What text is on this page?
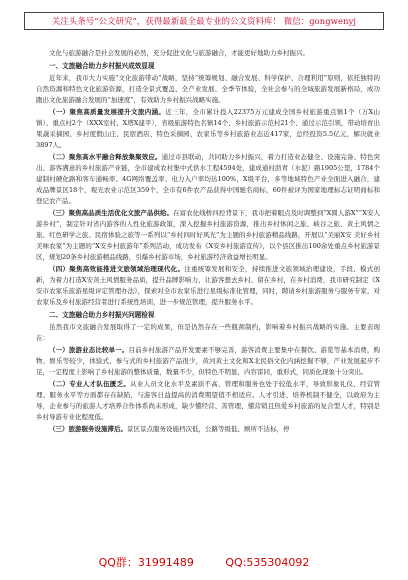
关注头条号“公文研究”，获得最新最全最专业的公文资料库！ 微信：gongwenyj
文化与旅游融合是社会发展的必然，充分促进文化与旅游融合，才能更好地助力乡村振兴。
一、文旅融合助力乡村振兴成效显现
近年来，我市大力实施“文化旅游带动”战略，坚持“统筹规划、融合发展、科学保护、合理利用”原则，依托独特的自然资源和特色文化旅游资源，打造全景式覆盖、全产业发展、全季节体验，全社会参与的全域旅游发展新格局，成功跑出文化旅游融合发展的“加速度”，有效助力乡村振兴战略实施。
（一）聚焦高质量发展提升文旅内涵。近三年，全市累计投入22375万元建成全国乡村旅游重点镇1个（万X山镇）、重点村2个（XXX室村、X塔X建平），省级旅游特色名镇14个、乡村旅游示范村21个、通过示范引领，带动培育出果蔬采摘园、乡村度假山庄、民宿酒店、特色采摘园、农家乐等乡村旅游业态近417家，总经投资5.5亿元，解决就业3897人。
（二）聚焦高水平融合释放集聚效应。通过市县联动，共同助力乡村振兴，着力打造业态健全、设施完备、特色突出、游客满意的乡村旅游产业链，全市建成农村集中式供水工程4594处，建成通村沥青（水泥）路1905公里，1784个建制村硬化路和客车通畅率、4G网络覆盖率、电力入户率均达100%，X级平台，多等地域特色产业全面进入融合，建成品牌景区18个，观光农业示范区359个，全市有6件农产品获得中国驰名商标，60件被评为国家地理标志证明商标和登记农产品。
（三）聚焦高品质生活优化文旅产品供给。在富农化线桥四控背景下，我市把着眼点及时调整到“X圆人游X”“X安人游乡村”，制定针对省内游客的人性化旅游政策，深入挖掘乡村旅游资源，推出乡村体闲之旅、峡谷之旅、黄土风情之旅、红色研学之旅、民宿体验之旅等一系列以“乡村四时好风光”为主题的乡村旅游精品线路，开展以“美丽X安 美好乡村 美味农家”为主题的“X安乡村旅游年”系列活动，成功发布《X安乡村旅游宣传》，以个县区推出100余处重点乡村旅游景区，规划20条乡村旅游精品线路，引爆乡村游市场，乡村旅游经济效益增长明显。
（四）聚焦高效能推进文旅领域治理现代化。注重统筹发展和安全，持续推进文旅领域治理建设，手段、模式创新，为着力打造X安黄土风情服务品质，提升品牌影响力，让游客想去乡村、留在乡村，在乡村消费，我市研究制定《X安市农家乐旅游星级评定管理办法》，探索对全市农家乐进行星级标准化管理，同时，聘请乡村旅游服务与服务专家，对农家乐及乡村旅游经营者进行系统性培训，进一步规范管理，提升服务水平。
二、文旅融合助力乡村振兴问题检视
虽然我市文旅融合发展取得了一定的成果，但是仍然存在一些瓶颈制约，影响着乡村振兴战略的实施。主要表现在：
（一）旅游业态比较单一。目前乡村旅游产品开发要素不够完善，游客消费主要集中在餐饮、游览等基本消费，购物、娱乐等较少，体验式、参与式的乡村旅游产品很少，黄河黄土文化和X北民俗文化内涵挖掘不够，产业发展起步不足，一定程度上影响了乡村旅游的整体质量，数量不少，但特色不明显，内容雷同，重形式，同质化现象十分突出。
（二）专业人才队伍匮乏。从业人员文化水平及素质不高、管理和服务也处于较低水平，导致形象礼仪、经营管理、服务水平等方面都存在缺陷，与游客日益提高的消费期望值不相适应。人才引进、培养机制不健全，以政府为主导，企业参与的旅游人才培养合作体系尚未形成，缺少懂经营、善管理、懂营销且热爱乡村旅游的复合型人才，特别是乡村导游专业化程度低。
（三）旅游服务设施滞后。景区景点服务设施档次低，公路等级低、厕所不达标，停
QQ群：31991489	QQ:535304092
